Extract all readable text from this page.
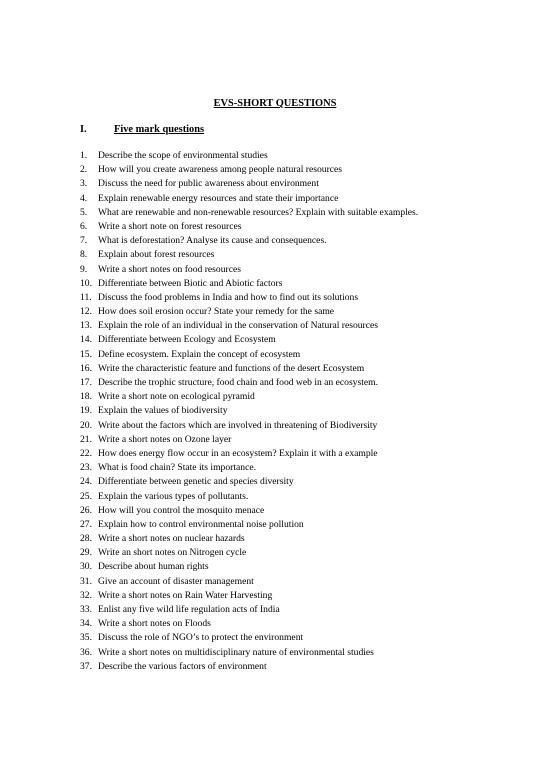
EVS-SHORT QUESTIONS
I.	Five mark questions
1. Describe the scope of environmental studies
2. How will you create awareness among people natural resources
3. Discuss the need for public awareness about environment
4. Explain renewable energy resources and state their importance
5. What are renewable and non-renewable resources? Explain with suitable examples.
6. Write a short note on forest resources
7. What is deforestation? Analyse its cause and consequences.
8. Explain about forest resources
9. Write a short notes on food resources
10. Differentiate between Biotic and Abiotic factors
11. Discuss the food problems in India and how to find out its solutions
12. How does soil erosion occur? State your remedy for the same
13. Explain the role of an individual in the conservation of Natural resources
14. Differentiate between Ecology and Ecosystem
15. Define ecosystem. Explain the concept of ecosystem
16. Write the characteristic feature and functions of the desert Ecosystem
17. Describe the trophic structure, food chain and food web in an ecosystem.
18. Write a short note on ecological pyramid
19. Explain the values of biodiversity
20. Write about the factors which are involved in threatening of Biodiversity
21. Write a short notes on Ozone layer
22. How does energy flow occur in an ecosystem? Explain it with a example
23. What is food chain? State its importance.
24. Differentiate between genetic and species diversity
25. Explain the various types of pollutants.
26. How will you control the mosquito menace
27. Explain how to control environmental noise pollution
28. Write a short notes on nuclear hazards
29. Write an short notes on Nitrogen cycle
30. Describe about human rights
31. Give an account of disaster management
32. Write a short notes on Rain Water Harvesting
33. Enlist any five wild life regulation acts of India
34. Write a short notes on Floods
35. Discuss the role of NGO’s to protect the environment
36. Write a short notes on multidisciplinary nature of environmental studies
37. Describe the various factors of environment
